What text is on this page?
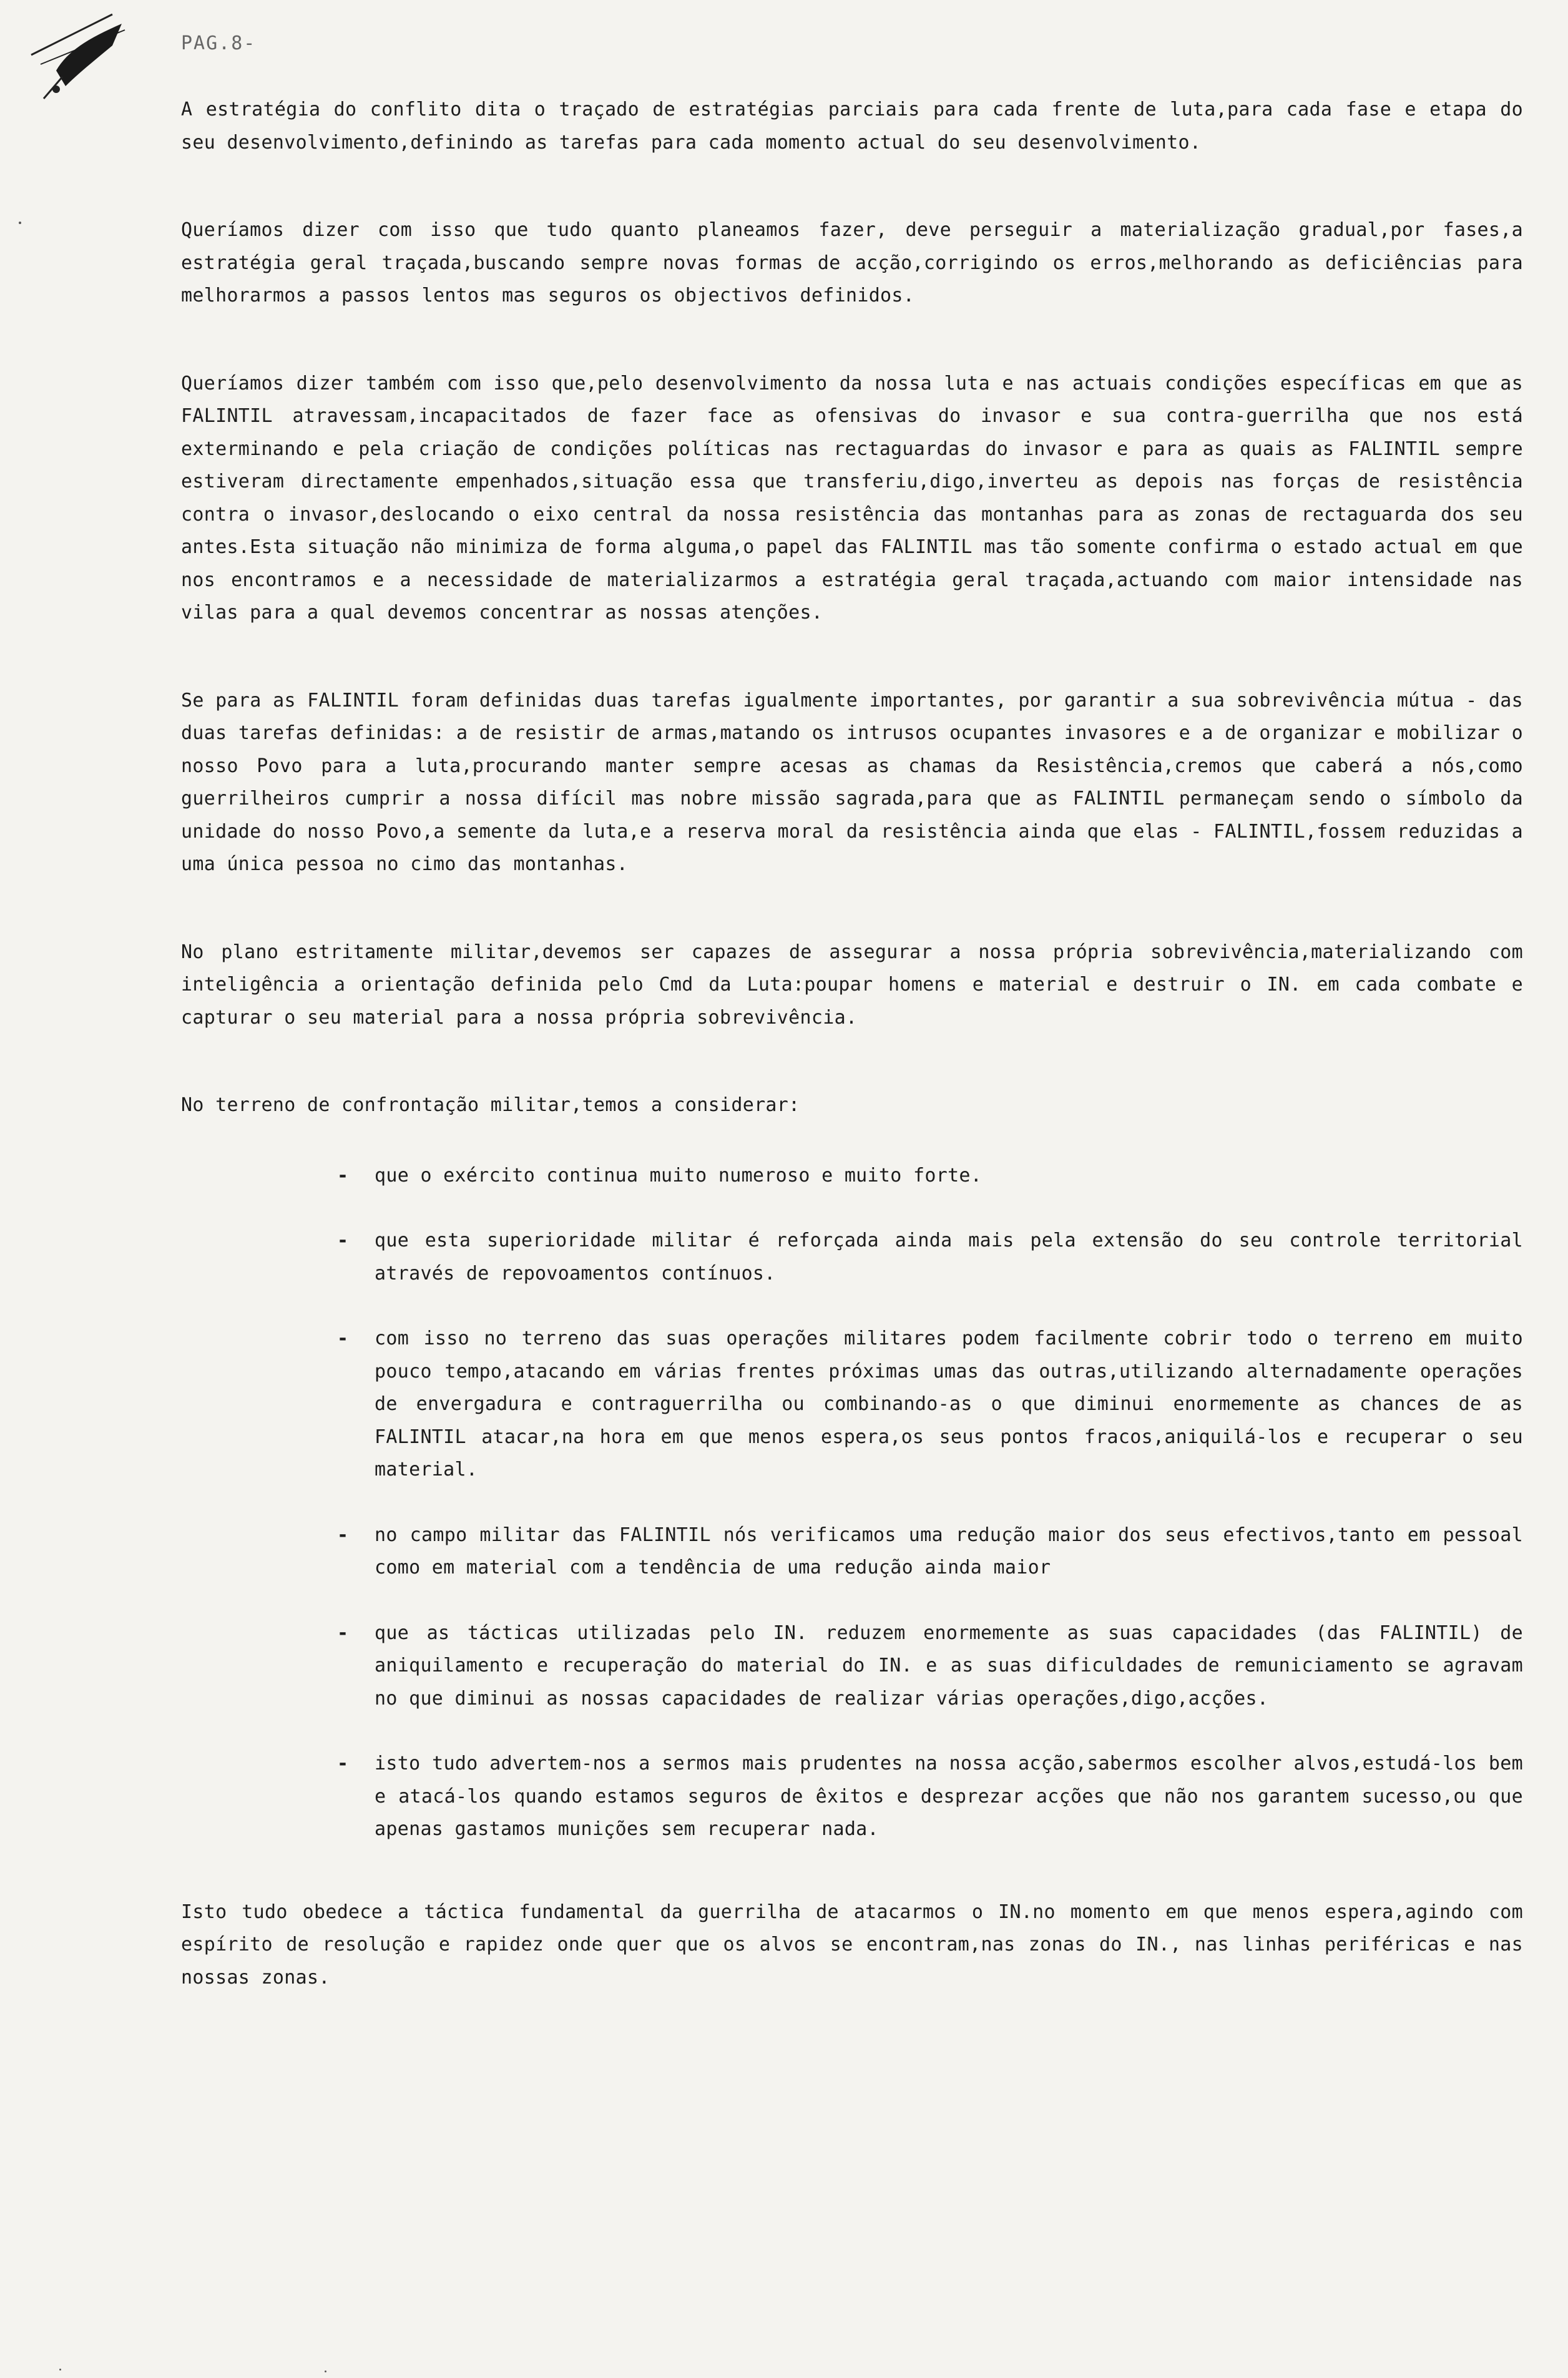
PAG.8-

A estratégia do conflito dita o traçado de estratégias parciais para cada frente de luta,para cada fase e etapa do seu desenvolvimento,definindo as tarefas para cada momento actual do seu desenvolvimento.

Queríamos dizer com isso que tudo quanto planeamos fazer, deve perseguir a materialização gradual,por fases,a estratégia geral traçada,buscando sempre novas formas de acção,corrigindo os erros,melhorando as deficiências para melhorarmos a passos lentos mas seguros os objectivos definidos.

Queríamos dizer também com isso que,pelo desenvolvimento da nossa luta e nas actuais condições específicas em que as FALINTIL atravessam,incapacitados de fazer face as ofensivas do invasor e sua contra-guerrilha que nos está exterminando e pela criação de condições políticas nas rectaguardas do invasor e para as quais as FALINTIL sempre estiveram directamente empenhados,situação essa que transferiu,digo,inverteu as depois nas forças de resistência contra o invasor,deslocando o eixo central da nossa resistência das montanhas para as zonas de rectaguarda dos seu antes.Esta situação não minimiza de forma alguma,o papel das FALINTIL mas tão somente confirma o estado actual em que nos encontramos e a necessidade de materializarmos a estratégia geral traçada,actuando com maior intensidade nas vilas para a qual devemos concentrar as nossas atenções.

Se para as FALINTIL foram definidas duas tarefas igualmente importantes, por garantir a sua sobrevivência mútua - das duas tarefas definidas: a de resistir de armas,matando os intrusos ocupantes invasores e a de organizar e mobilizar o nosso Povo para a luta,procurando manter sempre acesas as chamas da Resistência,cremos que caberá a nós,como guerrilheiros cumprir a nossa difícil mas nobre missão sagrada,para que as FALINTIL permaneçam sendo o símbolo da unidade do nosso Povo,a semente da luta,e a reserva moral da resistência ainda que elas - FALINTIL,fossem reduzidas a uma única pessoa no cimo das montanhas.

No plano estritamente militar,devemos ser capazes de assegurar a nossa própria sobrevivência,materializando com inteligência a orientação definida pelo Cmd da Luta:poupar homens e material e destruir o IN. em cada combate e capturar o seu material para a nossa própria sobrevivência.

No terreno de confrontação militar,temos a considerar:

- que o exército continua muito numeroso e muito forte.
- que esta superioridade militar é reforçada ainda mais pela extensão do seu controle territorial através de repovoamentos contínuos.
- com isso no terreno das suas operações militares podem facilmente cobrir todo o terreno em muito pouco tempo,atacando em várias frentes próximas umas das outras,utilizando alternadamente operações de envergadura e contraguerrilha ou combinando-as o que diminui enormemente as chances de as FALINTIL atacar,na hora em que menos espera,os seus pontos fracos,aniquilá-los e recuperar o seu material.
- no campo militar das FALINTIL nós verificamos uma redução maior dos seus efectivos,tanto em pessoal como em material com a tendência de uma redução ainda maior
- que as tácticas utilizadas pelo IN. reduzem enormemente as suas capacidades (das FALINTIL) de aniquilamento e recuperação do material do IN. e as suas dificuldades de remuniciamento se agravam no que diminui as nossas capacidades de realizar várias operações,digo,acções.
- isto tudo advertem-nos a sermos mais prudentes na nossa acção,sabermos escolher alvos,estudá-los bem e atacá-los quando estamos seguros de êxitos e desprezar acções que não nos garantem sucesso,ou que apenas gastamos munições sem recuperar nada.

Isto tudo obedece a táctica fundamental da guerrilha de atacarmos o IN.no momento em que menos espera,agindo com espírito de resolução e rapidez onde quer que os alvos se encontram,nas zonas do IN., nas linhas periféricas e nas nossas zonas.
